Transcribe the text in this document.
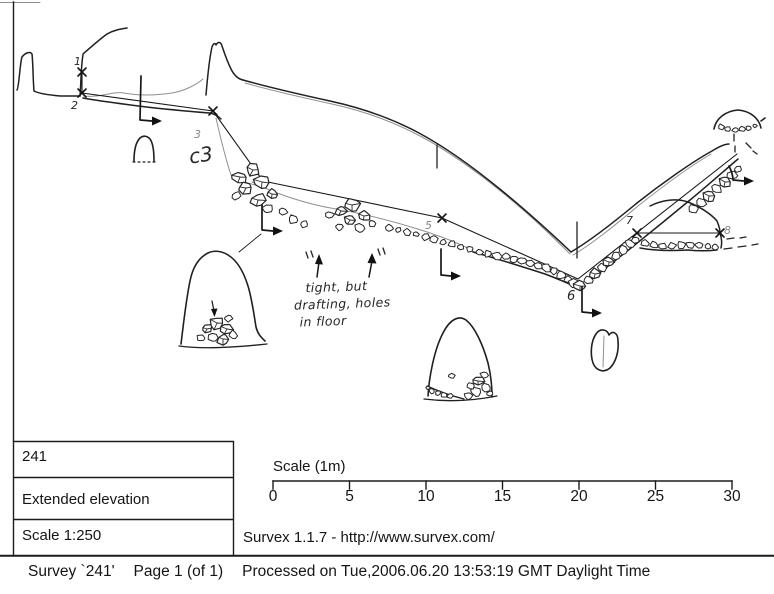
1
2
3
5
6
7
8
c3
tight, but
drafting, holes
in floor
241
Extended elevation
Scale 1:250
Scale (1m)
0	5	10	15	20	25	30
Survex 1.1.7 - http://www.survex.com/
Survey `241' Page 1 (of 1) Processed on Tue,2006.06.20 13:53:19 GMT Daylight Time
